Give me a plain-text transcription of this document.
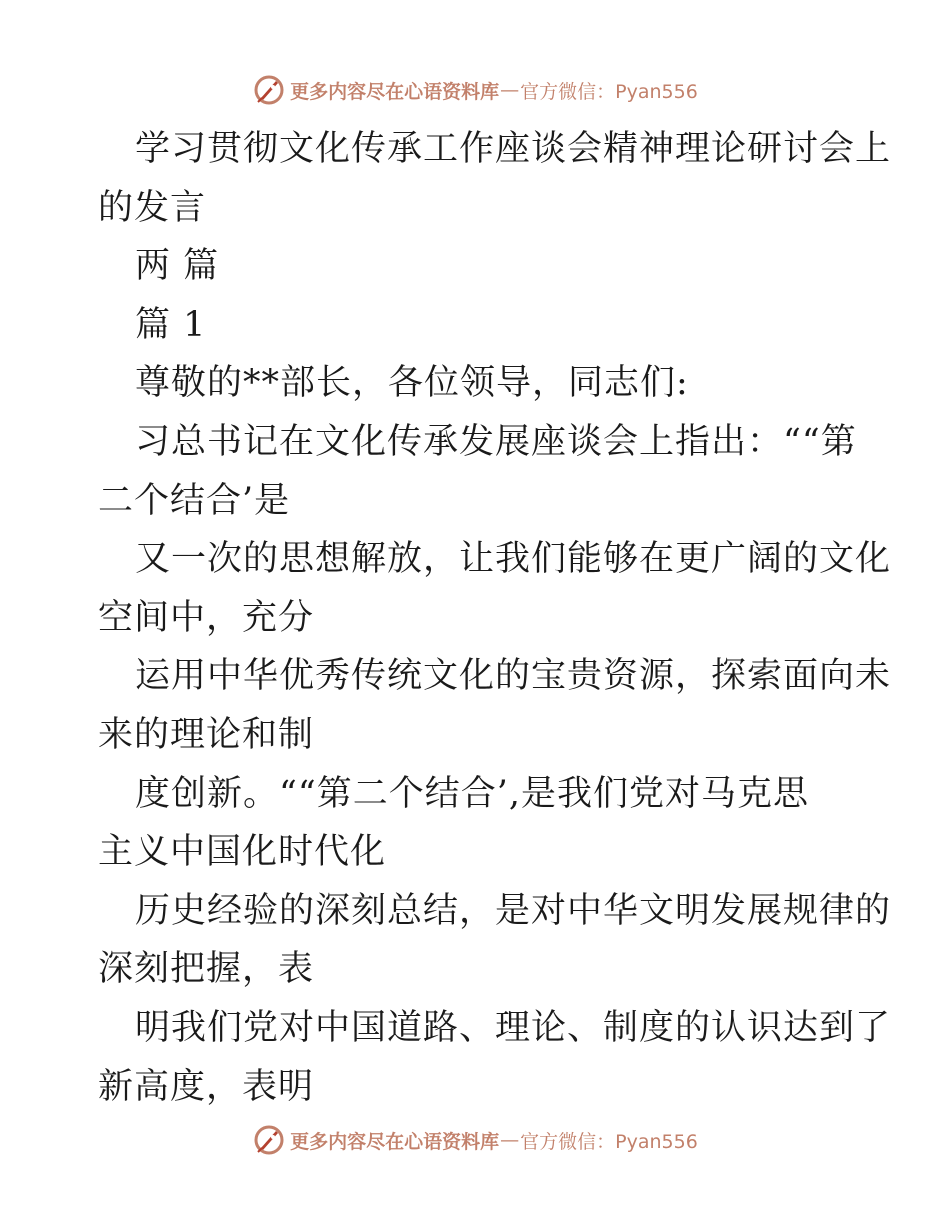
更多内容尽在心语资料库 — 官方微信：Pyan556
学习贯彻文化传承工作座谈会精神理论研讨会上
的发言
两 篇
篇 1
尊敬的**部长，各位领导，同志们:
习总书记在文化传承发展座谈会上指出：““第
二个结合’是
又一次的思想解放，让我们能够在更广阔的文化
空间中，充分
运用中华优秀传统文化的宝贵资源，探索面向未
来的理论和制
度创新。““第二个结合’,是我们党对马克思
主义中国化时代化
历史经验的深刻总结，是对中华文明发展规律的
深刻把握，表
明我们党对中国道路、理论、制度的认识达到了
新高度，表明
更多内容尽在心语资料库 — 官方微信：Pyan556
